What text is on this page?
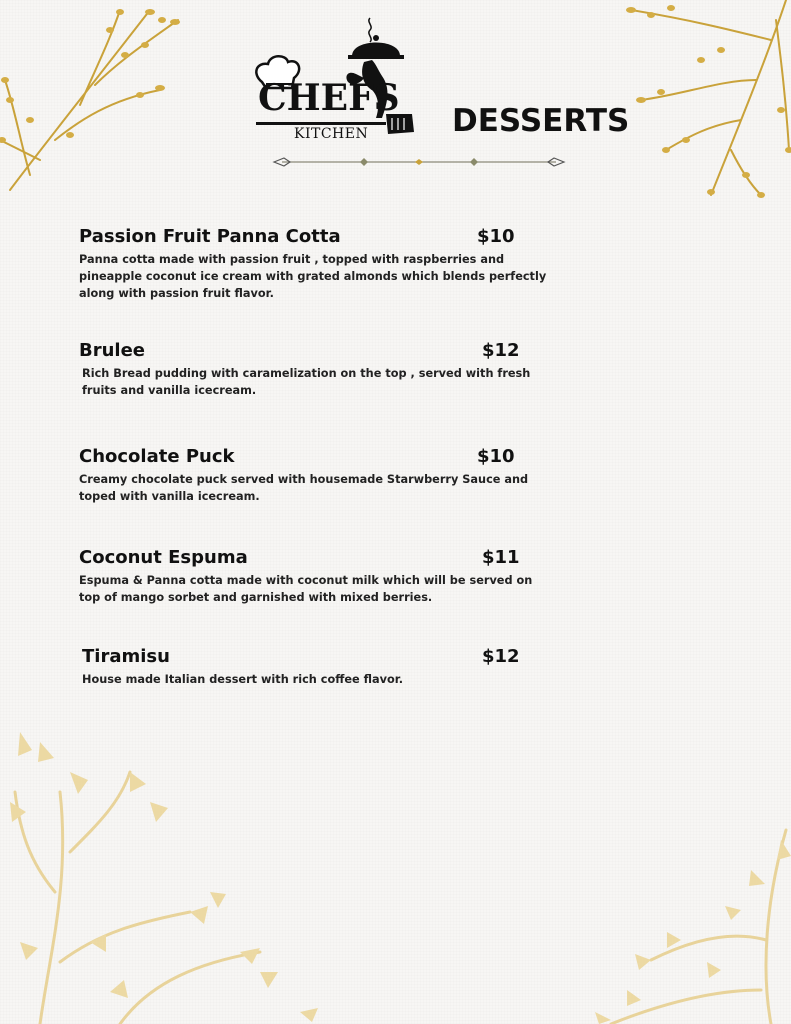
CHEFS
KITCHEN	DESSERTS
Passion Fruit Panna Cotta	$10
Panna cotta made with passion fruit , topped with raspberries and pineapple coconut ice cream with grated almonds which blends perfectly along with passion fruit flavor.
Brulee	$12
Rich Bread pudding with caramelization on the top , served with fresh fruits and vanilla icecream.
Chocolate Puck	$10
Creamy chocolate puck served with housemade Starwberry Sauce and toped with vanilla icecream.
Coconut Espuma	$11
Espuma & Panna cotta made with coconut milk which will be served on top of mango sorbet and garnished with mixed berries.
Tiramisu	$12
House made Italian dessert with rich coffee flavor.
